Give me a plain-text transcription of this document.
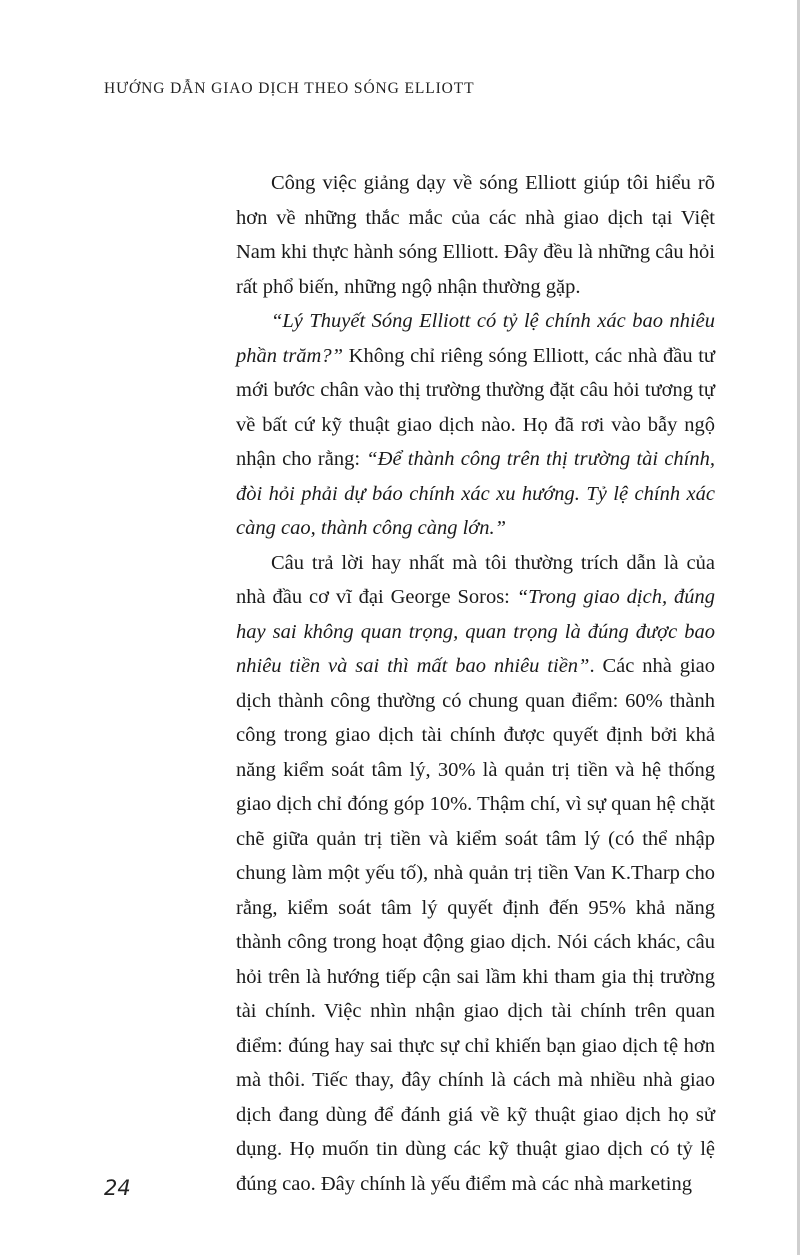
HƯỚNG DẪN GIAO DỊCH THEO SÓNG ELLIOTT

Công việc giảng dạy về sóng Elliott giúp tôi hiểu rõ hơn về những thắc mắc của các nhà giao dịch tại Việt Nam khi thực hành sóng Elliott. Đây đều là những câu hỏi rất phổ biến, những ngộ nhận thường gặp.

“Lý Thuyết Sóng Elliott có tỷ lệ chính xác bao nhiêu phần trăm?” Không chỉ riêng sóng Elliott, các nhà đầu tư mới bước chân vào thị trường thường đặt câu hỏi tương tự về bất cứ kỹ thuật giao dịch nào. Họ đã rơi vào bẫy ngộ nhận cho rằng: “Để thành công trên thị trường tài chính, đòi hỏi phải dự báo chính xác xu hướng. Tỷ lệ chính xác càng cao, thành công càng lớn.”

Câu trả lời hay nhất mà tôi thường trích dẫn là của nhà đầu cơ vĩ đại George Soros: “Trong giao dịch, đúng hay sai không quan trọng, quan trọng là đúng được bao nhiêu tiền và sai thì mất bao nhiêu tiền”. Các nhà giao dịch thành công thường có chung quan điểm: 60% thành công trong giao dịch tài chính được quyết định bởi khả năng kiểm soát tâm lý, 30% là quản trị tiền và hệ thống giao dịch chỉ đóng góp 10%. Thậm chí, vì sự quan hệ chặt chẽ giữa quản trị tiền và kiểm soát tâm lý (có thể nhập chung làm một yếu tố), nhà quản trị tiền Van K.Tharp cho rằng, kiểm soát tâm lý quyết định đến 95% khả năng thành công trong hoạt động giao dịch. Nói cách khác, câu hỏi trên là hướng tiếp cận sai lầm khi tham gia thị trường tài chính. Việc nhìn nhận giao dịch tài chính trên quan điểm: đúng hay sai thực sự chỉ khiến bạn giao dịch tệ hơn mà thôi. Tiếc thay, đây chính là cách mà nhiều nhà giao dịch đang dùng để đánh giá về kỹ thuật giao dịch họ sử dụng. Họ muốn tin dùng các kỹ thuật giao dịch có tỷ lệ đúng cao. Đây chính là yếu điểm mà các nhà marketing

24
